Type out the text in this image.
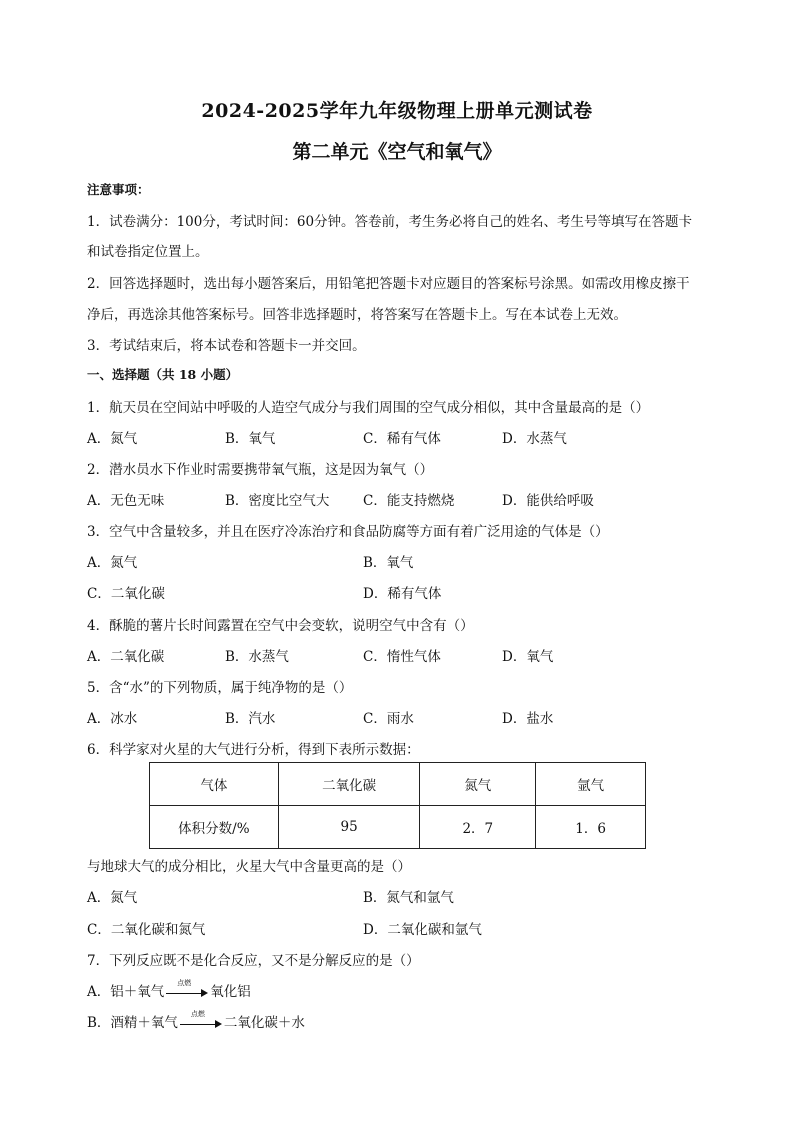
2024-2025学年九年级物理上册单元测试卷
第二单元《空气和氧气》
注意事项：
1．试卷满分：100分，考试时间：60分钟。答卷前，考生务必将自己的姓名、考生号等填写在答题卡
和试卷指定位置上。
2．回答选择题时，选出每小题答案后，用铅笔把答题卡对应题目的答案标号涂黑。如需改用橡皮擦干
净后，再选涂其他答案标号。回答非选择题时，将答案写在答题卡上。写在本试卷上无效。
3．考试结束后，将本试卷和答题卡一并交回。
一、选择题（共 18 小题）
1．航天员在空间站中呼吸的人造空气成分与我们周围的空气成分相似，其中含量最高的是（）
A．氮气	B．氧气	C．稀有气体	D．水蒸气
2．潜水员水下作业时需要携带氧气瓶，这是因为氧气（）
A．无色无味	B．密度比空气大 C．能支持燃烧	D．能供给呼吸
3．空气中含量较多，并且在医疗冷冻治疗和食品防腐等方面有着广泛用途的气体是（）
A．氮气	B．氧气
C．二氧化碳	D．稀有气体
4．酥脆的薯片长时间露置在空气中会变软，说明空气中含有（）
A．二氧化碳	B．水蒸气	C．惰性气体	D．氧气
5．含“水”的下列物质，属于纯净物的是（）
A．冰水	B．汽水	C．雨水	D．盐水
6．科学家对火星的大气进行分析，得到下表所示数据：
气体	二氧化碳	氮气	氩气
体积分数/%	95	2．7	1．6
与地球大气的成分相比，火星大气中含量更高的是（）
A．氮气	B．氮气和氩气
C．二氧化碳和氮气	D．二氧化碳和氩气
7．下列反应既不是化合反应，又不是分解反应的是（）
A．铝＋氧气
点燃
氧化铝
B．酒精＋氧气
点燃
二氧化碳＋水
